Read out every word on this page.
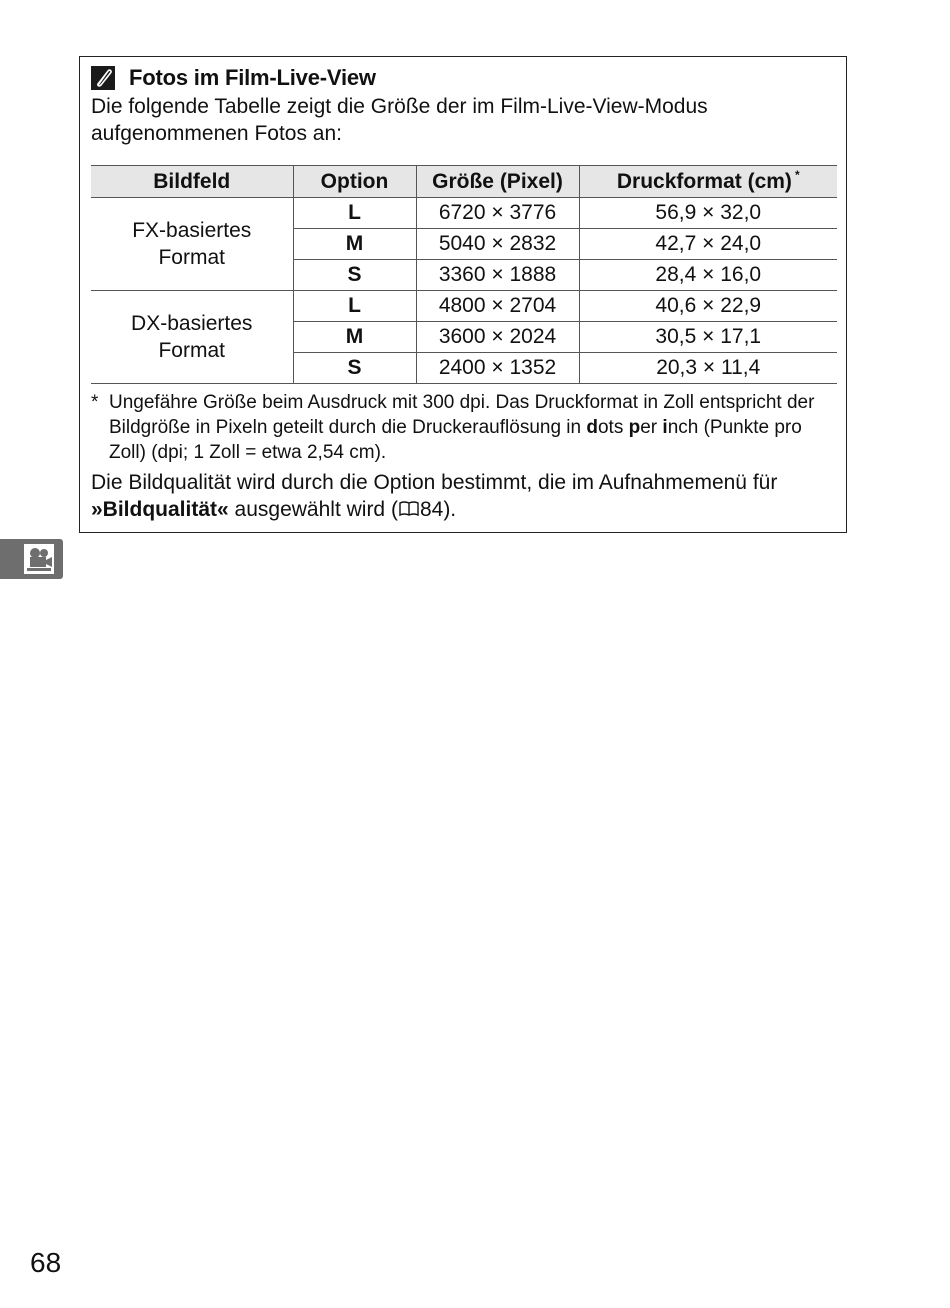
Fotos im Film-Live-View
Die folgende Tabelle zeigt die Größe der im Film-Live-View-Modus aufgenommenen Fotos an:
Bildfeld	Option	Größe (Pixel)	Druckformat (cm) *

FX-basiertes Format	L	6720 × 3776	56,9 × 32,0
	M	5040 × 2832	42,7 × 24,0
	S	3360 × 1888	28,4 × 16,0

DX-basiertes Format	L	4800 × 2704	40,6 × 22,9
	M	3600 × 2024	30,5 × 17,1
	S	2400 × 1352	20,3 × 11,4
* Ungefähre Größe beim Ausdruck mit 300 dpi. Das Druckformat in Zoll entspricht der Bildgröße in Pixeln geteilt durch die Druckerauflösung in dots per inch (Punkte pro Zoll) (dpi; 1 Zoll = etwa 2,54 cm).
Die Bildqualität wird durch die Option bestimmt, die im Aufnahmemenü für »Bildqualität« ausgewählt wird ( 84).
68
